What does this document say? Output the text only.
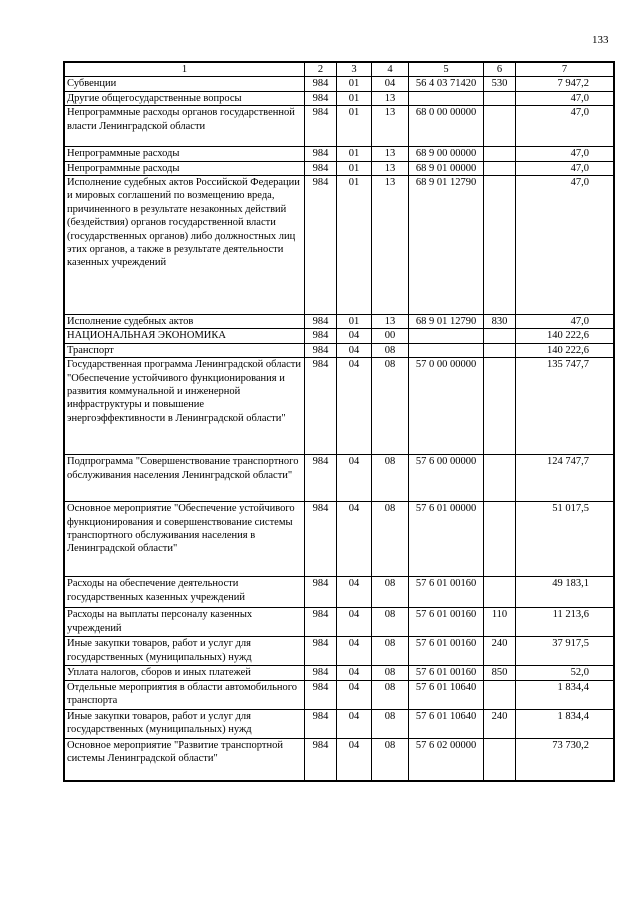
133
1	2	3	4	5	6	7
Субвенции	984	01	04	56 4 03 71420	530	7 947,2
Другие общегосударственные вопросы	984	01	13			47,0
Непрограммные расходы органов государственной власти Ленинградской области	984	01	13	68 0 00 00000		47,0
Непрограммные расходы	984	01	13	68 9 00 00000		47,0
Непрограммные расходы	984	01	13	68 9 01 00000		47,0
Исполнение судебных актов Российской Федерации и мировых соглашений по возмещению вреда, причиненного в результате незаконных действий (бездействия) органов государственной власти (государственных органов) либо должностных лиц этих органов, а также в результате деятельности казенных учреждений	984	01	13	68 9 01 12790		47,0
Исполнение судебных актов	984	01	13	68 9 01 12790	830	47,0
НАЦИОНАЛЬНАЯ ЭКОНОМИКА	984	04	00			140 222,6
Транспорт	984	04	08			140 222,6
Государственная программа Ленинградской области "Обеспечение устойчивого функционирования и развития коммунальной и инженерной инфраструктуры и повышение энергоэффективности в Ленинградской области"	984	04	08	57 0 00 00000		135 747,7
Подпрограмма "Совершенствование транспортного обслуживания населения Ленинградской области"	984	04	08	57 6 00 00000		124 747,7
Основное мероприятие "Обеспечение устойчивого функционирования и совершенствование системы транспортного обслуживания населения в Ленинградской области"	984	04	08	57 6 01 00000		51 017,5
Расходы на обеспечение деятельности государственных казенных учреждений	984	04	08	57 6 01 00160		49 183,1
Расходы на выплаты персоналу казенных учреждений	984	04	08	57 6 01 00160	110	11 213,6
Иные закупки товаров, работ и услуг для государственных (муниципальных) нужд	984	04	08	57 6 01 00160	240	37 917,5
Уплата налогов, сборов и иных платежей	984	04	08	57 6 01 00160	850	52,0
Отдельные мероприятия в области автомобильного транспорта	984	04	08	57 6 01 10640		1 834,4
Иные закупки товаров, работ и услуг для государственных (муниципальных) нужд	984	04	08	57 6 01 10640	240	1 834,4
Основное мероприятие "Развитие транспортной системы Ленинградской области"	984	04	08	57 6 02 00000		73 730,2
